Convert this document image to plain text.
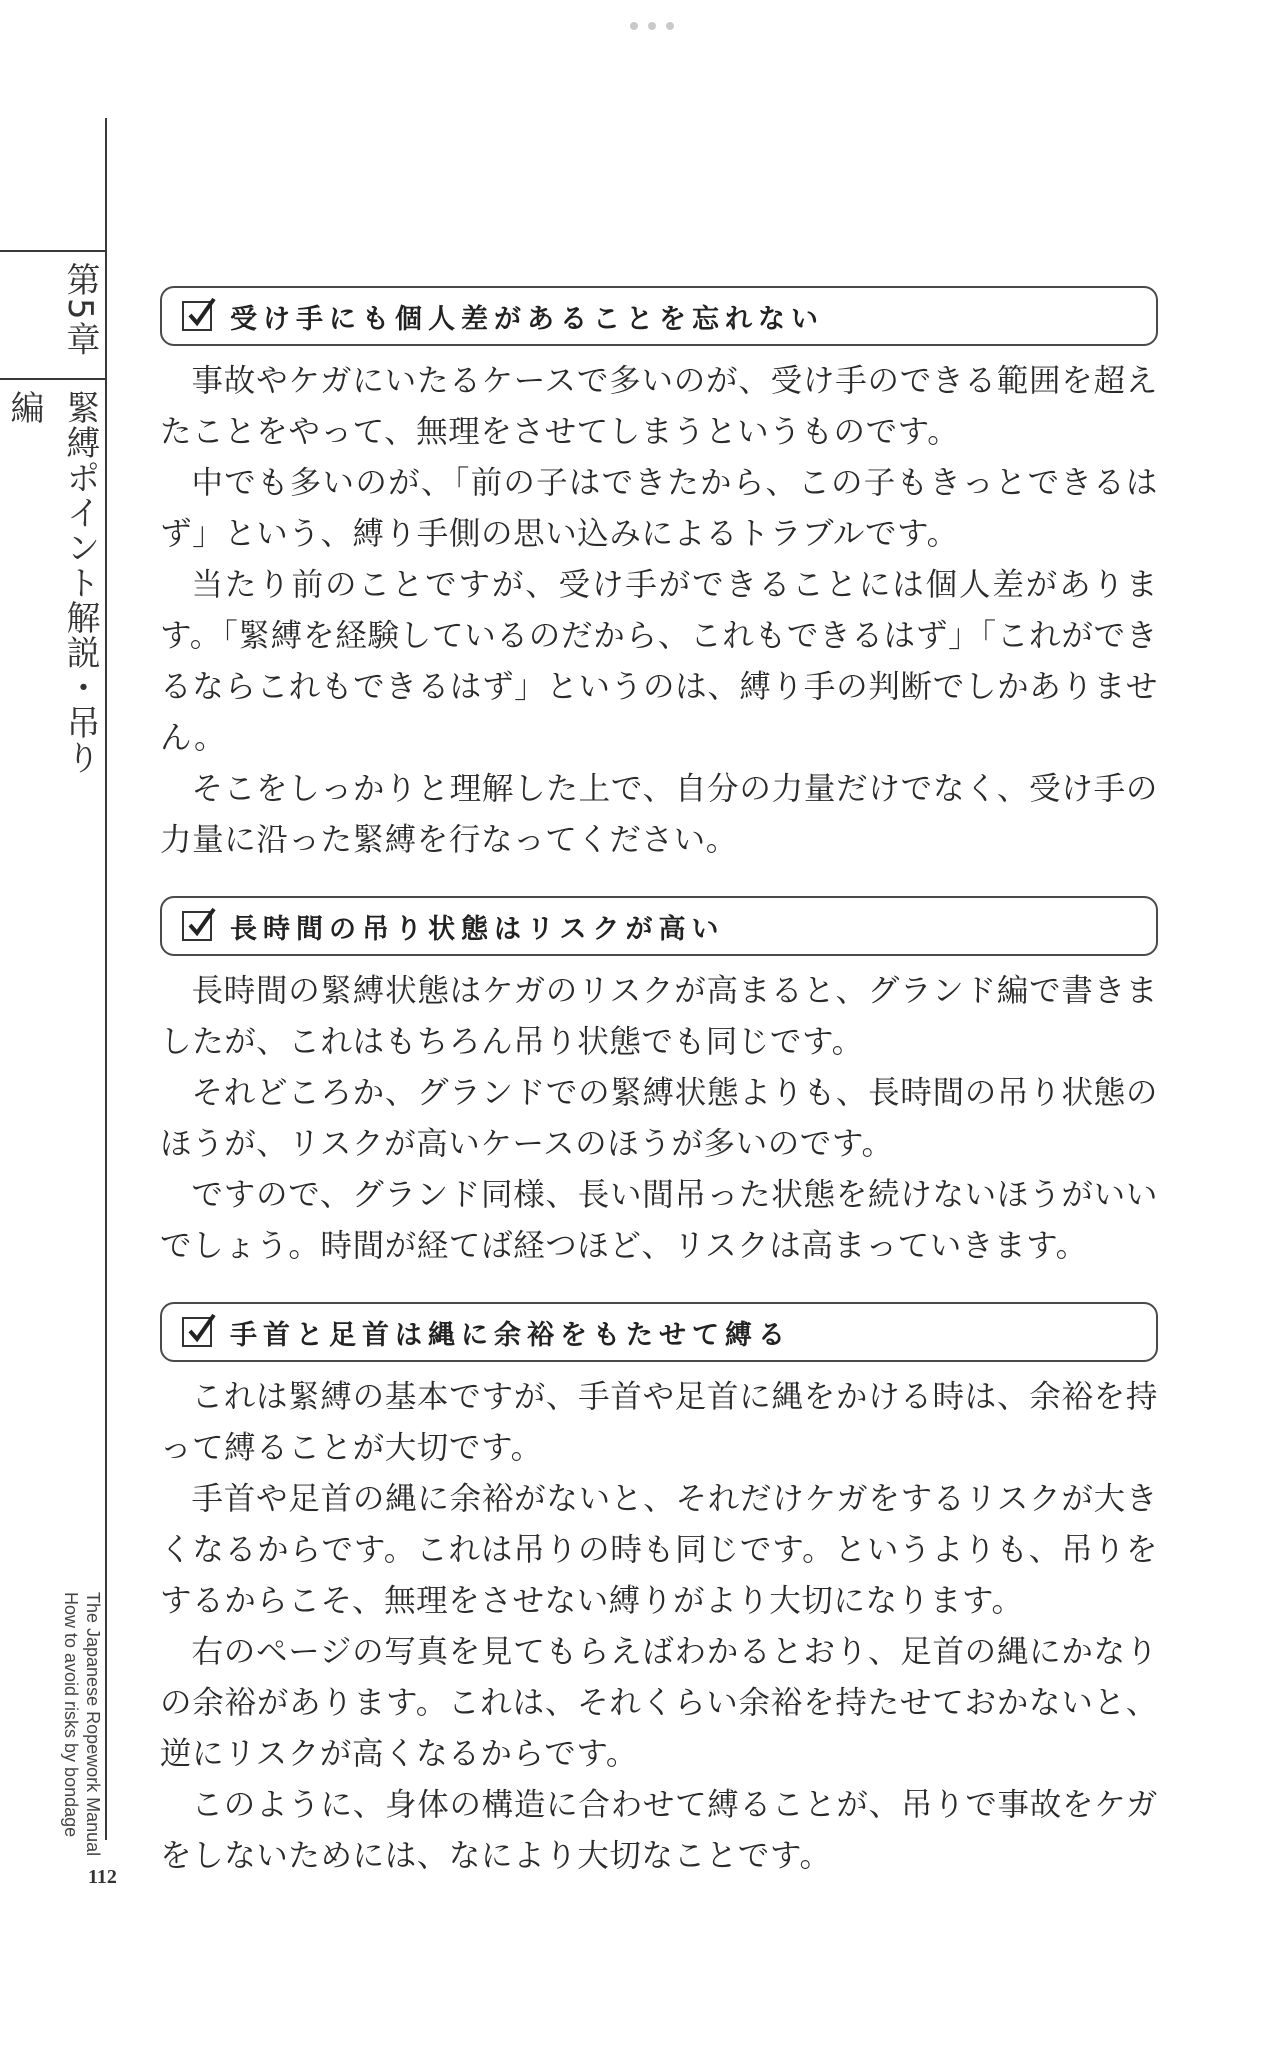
第5章
緊縛ポイント解説・吊り編
The Japanese Ropework Manual
How to avoid risks by bondage
112
受け手にも個人差があることを忘れない

事故やケガにいたるケースで多いのが、受け手のできる範囲を超えたことをやって、無理をさせてしまうというものです。

中でも多いのが、「前の子はできたから、この子もきっとできるはず」という、縛り手側の思い込みによるトラブルです。

当たり前のことですが、受け手ができることには個人差があります。「緊縛を経験しているのだから、これもできるはず」「これができるならこれもできるはず」というのは、縛り手の判断でしかありません。

そこをしっかりと理解した上で、自分の力量だけでなく、受け手の力量に沿った緊縛を行なってください。

長時間の吊り状態はリスクが高い

長時間の緊縛状態はケガのリスクが高まると、グランド編で書きましたが、これはもちろん吊り状態でも同じです。

それどころか、グランドでの緊縛状態よりも、長時間の吊り状態のほうが、リスクが高いケースのほうが多いのです。

ですので、グランド同様、長い間吊った状態を続けないほうがいいでしょう。時間が経てば経つほど、リスクは高まっていきます。

手首と足首は縄に余裕をもたせて縛る

これは緊縛の基本ですが、手首や足首に縄をかける時は、余裕を持って縛ることが大切です。

手首や足首の縄に余裕がないと、それだけケガをするリスクが大きくなるからです。これは吊りの時も同じです。というよりも、吊りをするからこそ、無理をさせない縛りがより大切になります。

右のページの写真を見てもらえばわかるとおり、足首の縄にかなりの余裕があります。これは、それくらい余裕を持たせておかないと、逆にリスクが高くなるからです。

このように、身体の構造に合わせて縛ることが、吊りで事故をケガをしないためには、なにより大切なことです。
